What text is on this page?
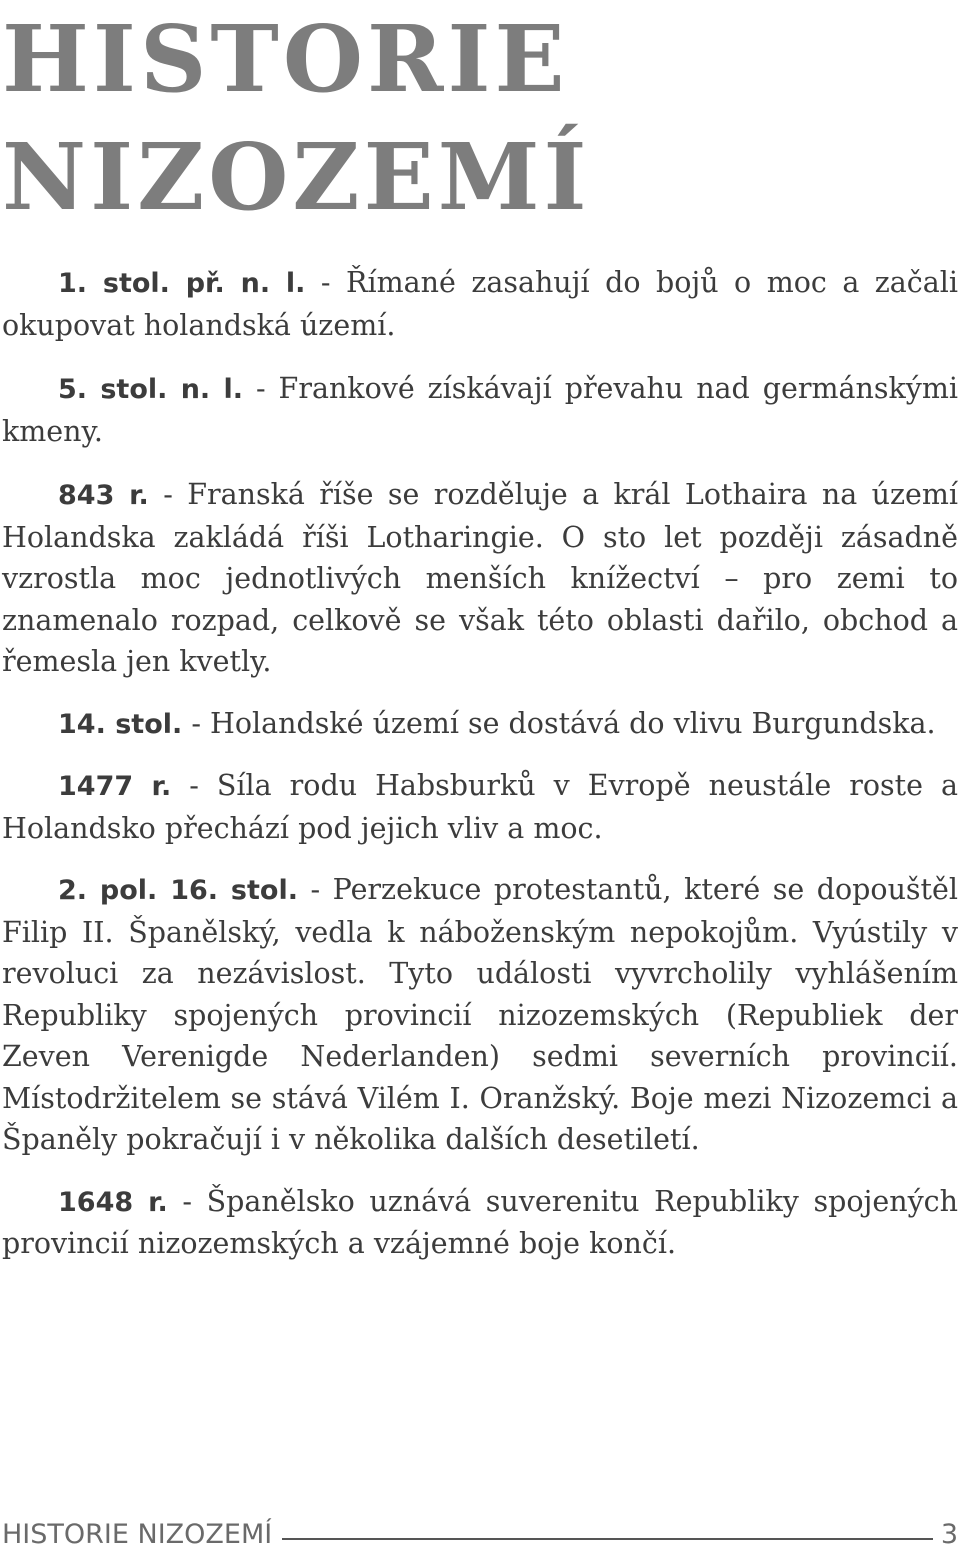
HISTORIE
NIZOZEMÍ

1. stol. př. n. l. - Římané zasahují do bojů o moc a začali okupovat holandská území.

5. stol. n. l. - Frankové získávají převahu nad germánskými kmeny.

843 r. - Franská říše se rozděluje a král Lothaira na území Holandska zakládá říši Lotharingie. O sto let později zásadně vzrostla moc jednotlivých menších knížectví – pro zemi to znamenalo rozpad, celkově se však této oblasti dařilo, obchod a řemesla jen kvetly.

14. stol. - Holandské území se dostává do vlivu Burgundska.

1477 r. - Síla rodu Habsburků v Evropě neustále roste a Holandsko přechází pod jejich vliv a moc.

2. pol. 16. stol. - Perzekuce protestantů, které se dopouštěl Filip II. Španělský, vedla k náboženským nepokojům. Vyústily v revoluci za nezávislost. Tyto události vyvrcholily vyhlášením Republiky spojených provincií nizozemských (Republiek der Zeven Verenigde Nederlanden) sedmi severních provincií. Místodržitelem se stává Vilém I. Oranžský. Boje mezi Nizozemci a Španěly pokračují i v několika dalších desetiletí.

1648 r. - Španělsko uznává suverenitu Republiky spojených provincií nizozemských a vzájemné boje končí.

HISTORIE NIZOZEMÍ	3
